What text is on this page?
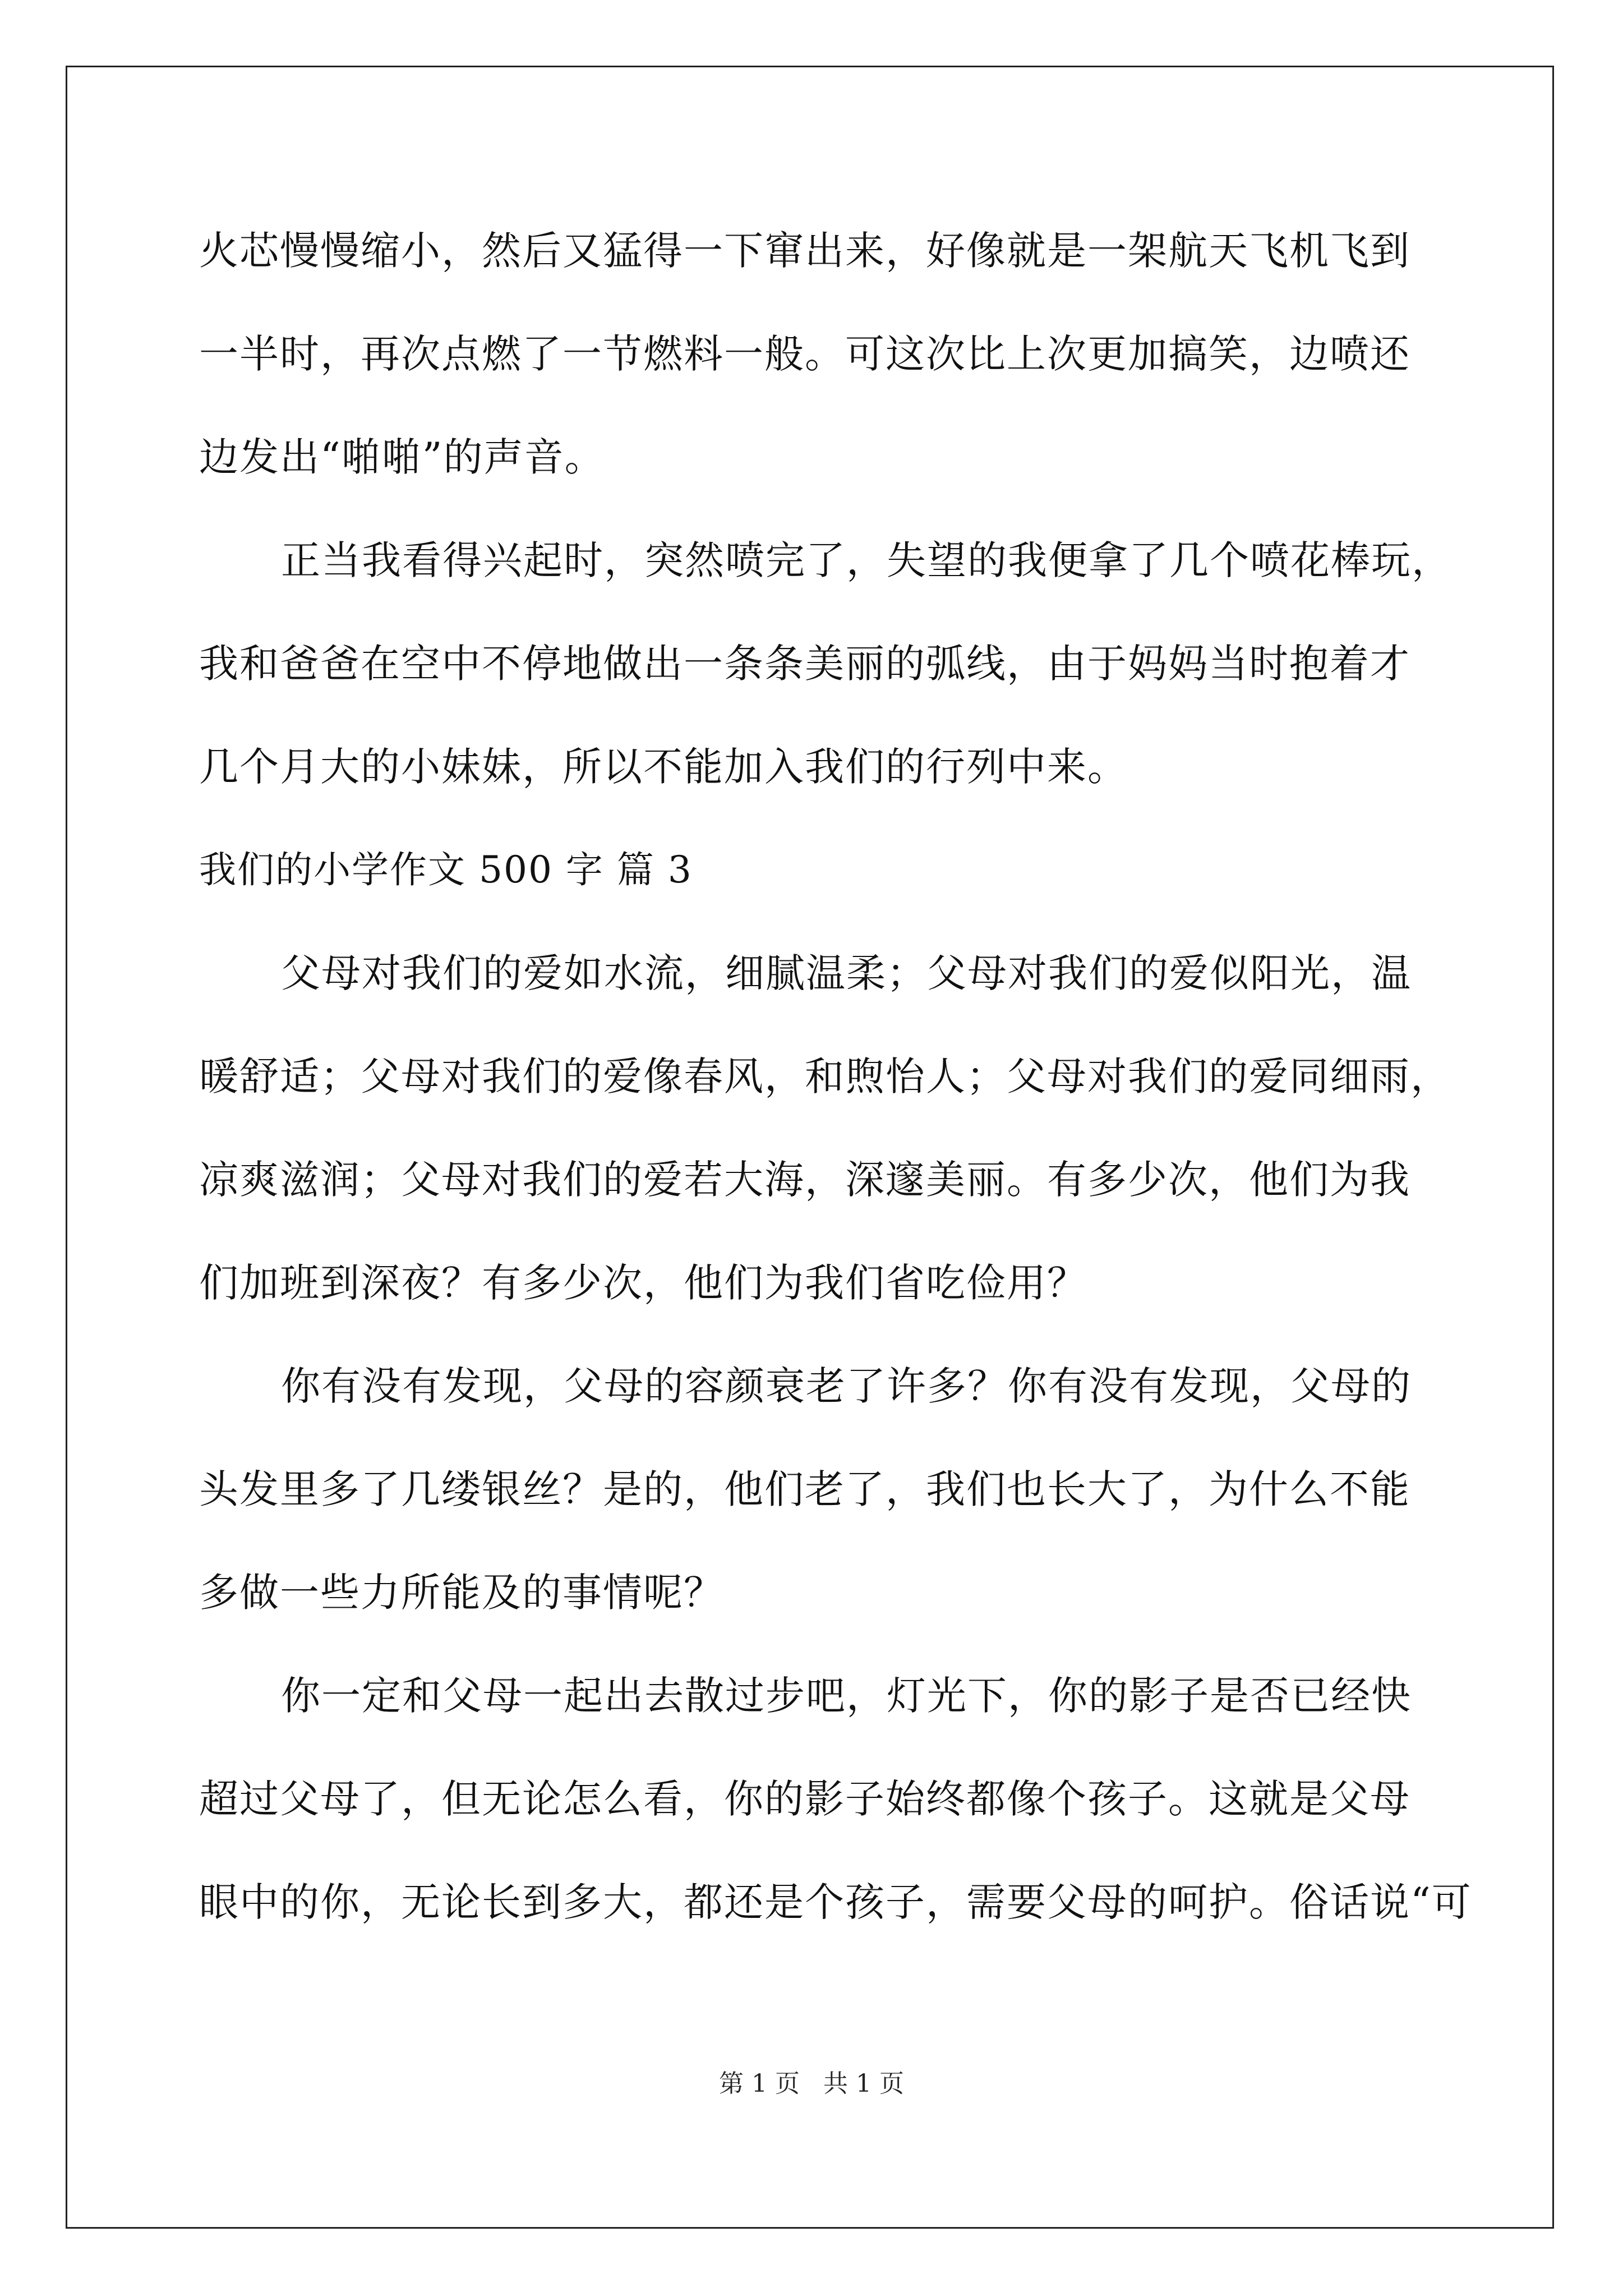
火芯慢慢缩小，然后又猛得一下窜出来，好像就是一架航天飞机飞到
一半时，再次点燃了一节燃料一般。可这次比上次更加搞笑，边喷还
边发出“啪啪”的声音。
正当我看得兴起时，突然喷完了，失望的我便拿了几个喷花棒玩，
我和爸爸在空中不停地做出一条条美丽的弧线，由于妈妈当时抱着才
几个月大的小妹妹，所以不能加入我们的行列中来。
我们的小学作文 500 字 篇 3
父母对我们的爱如水流，细腻温柔；父母对我们的爱似阳光，温
暖舒适；父母对我们的爱像春风，和煦怡人；父母对我们的爱同细雨，
凉爽滋润；父母对我们的爱若大海，深邃美丽。有多少次，他们为我
们加班到深夜？有多少次，他们为我们省吃俭用？
你有没有发现，父母的容颜衰老了许多？你有没有发现，父母的
头发里多了几缕银丝？是的，他们老了，我们也长大了，为什么不能
多做一些力所能及的事情呢？
你一定和父母一起出去散过步吧，灯光下，你的影子是否已经快
超过父母了，但无论怎么看，你的影子始终都像个孩子。这就是父母
眼中的你，无论长到多大，都还是个孩子，需要父母的呵护。俗话说“可
第 1 页   共 1 页
